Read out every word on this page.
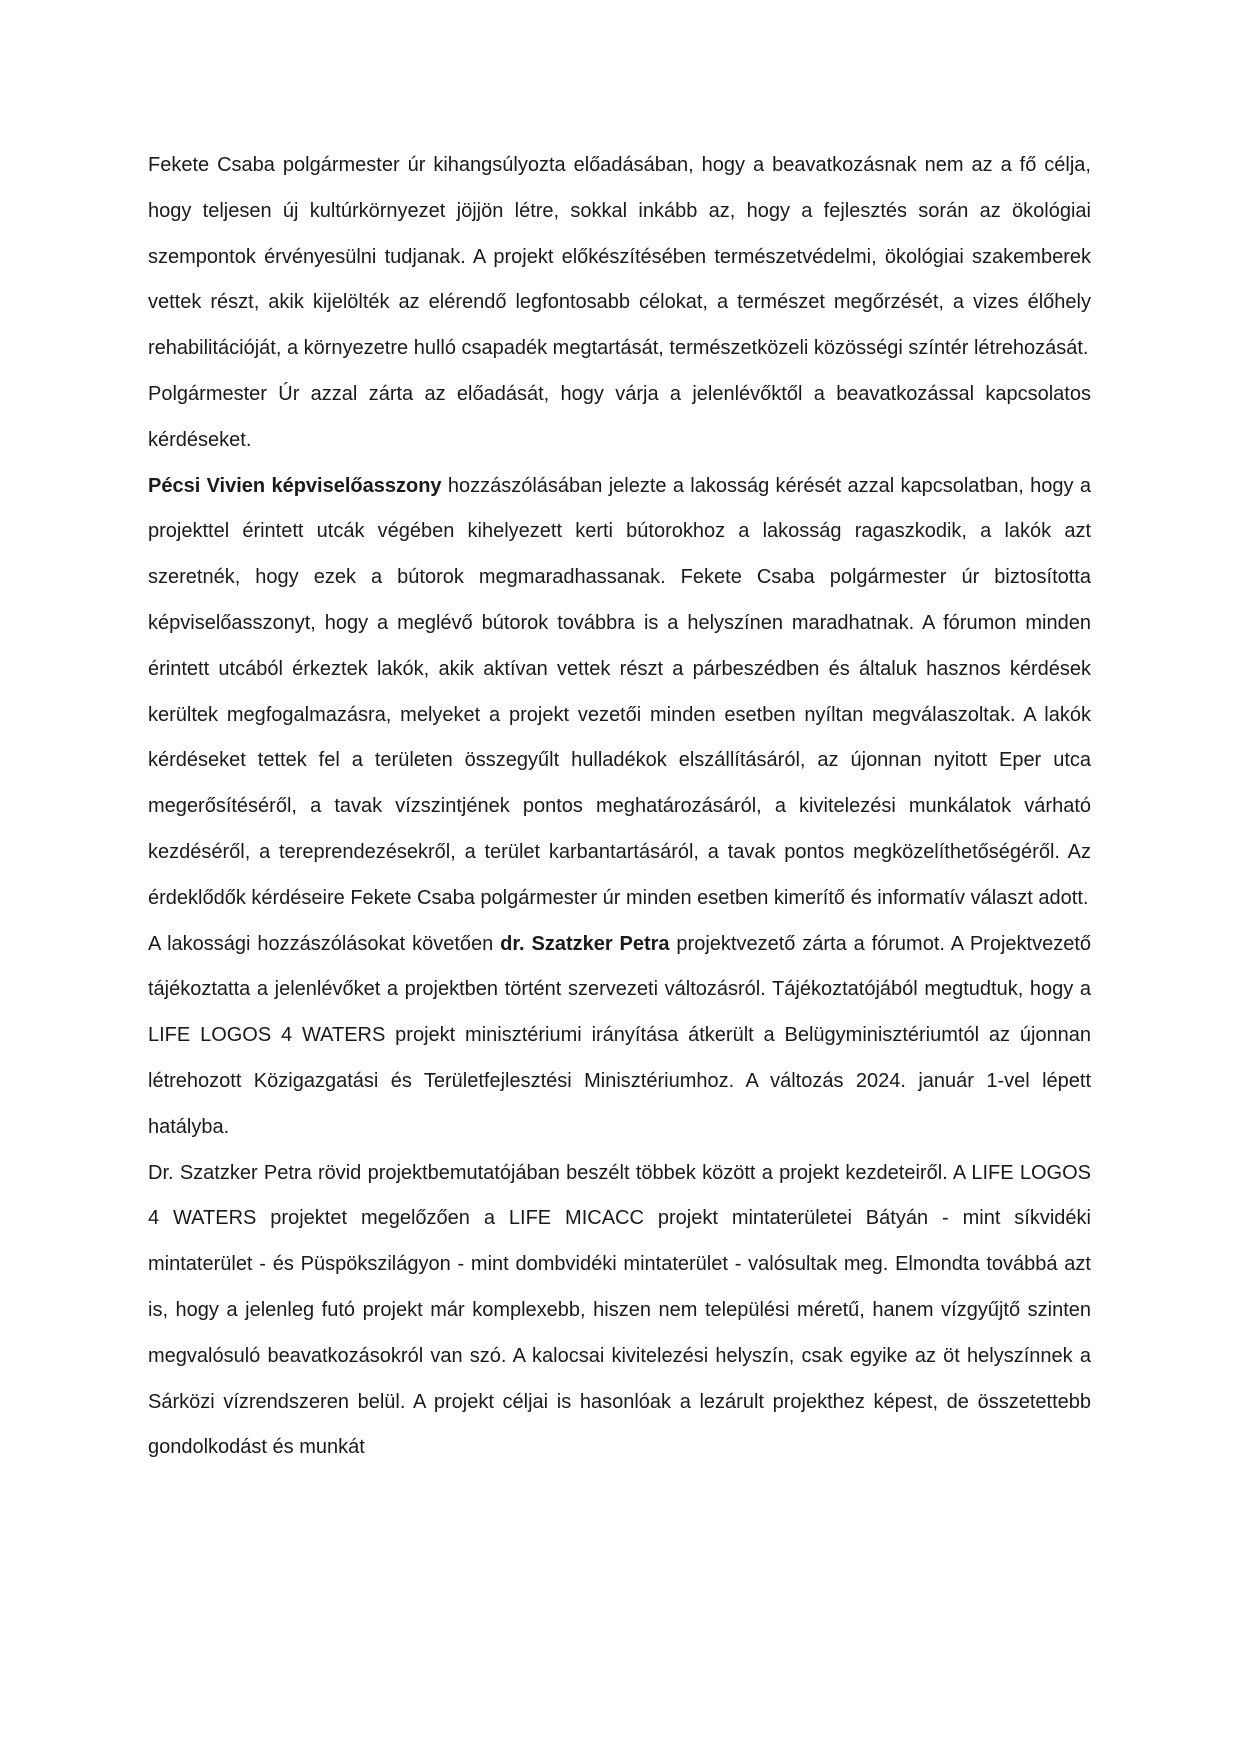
Fekete Csaba polgármester úr kihangsúlyozta előadásában, hogy a beavatkozásnak nem az a fő célja, hogy teljesen új kultúrkörnyezet jöjjön létre, sokkal inkább az, hogy a fejlesztés során az ökológiai szempontok érvényesülni tudjanak. A projekt előkészítésében természetvédelmi, ökológiai szakemberek vettek részt, akik kijelölték az elérendő legfontosabb célokat, a természet megőrzését, a vizes élőhely rehabilitációját, a környezetre hulló csapadék megtartását, természetközeli közösségi színtér létrehozását.

Polgármester Úr azzal zárta az előadását, hogy várja a jelenlévőktől a beavatkozással kapcsolatos kérdéseket.

Pécsi Vivien képviselőasszony hozzászólásában jelezte a lakosság kérését azzal kapcsolatban, hogy a projekttel érintett utcák végében kihelyezett kerti bútorokhoz a lakosság ragaszkodik, a lakók azt szeretnék, hogy ezek a bútorok megmaradhassanak. Fekete Csaba polgármester úr biztosította képviselőasszonyt, hogy a meglévő bútorok továbbra is a helyszínen maradhatnak. A fórumon minden érintett utcából érkeztek lakók, akik aktívan vettek részt a párbeszédben és általuk hasznos kérdések kerültek megfogalmazásra, melyeket a projekt vezetői minden esetben nyíltan megválaszoltak. A lakók kérdéseket tettek fel a területen összegyűlt hulladékok elszállításáról, az újonnan nyitott Eper utca megerősítéséről, a tavak vízszintjének pontos meghatározásáról, a kivitelezési munkálatok várható kezdéséről, a tereprendezésekről, a terület karbantartásáról, a tavak pontos megközelíthetőségéről. Az érdeklődők kérdéseire Fekete Csaba polgármester úr minden esetben kimerítő és informatív választ adott.

A lakossági hozzászólásokat követően dr. Szatzker Petra projektvezető zárta a fórumot. A Projektvezető tájékoztatta a jelenlévőket a projektben történt szervezeti változásról. Tájékoztatójából megtudtuk, hogy a LIFE LOGOS 4 WATERS projekt minisztériumi irányítása átkerült a Belügyminisztériumtól az újonnan létrehozott Közigazgatási és Területfejlesztési Minisztériumhoz. A változás 2024. január 1-vel lépett hatályba.

Dr. Szatzker Petra rövid projektbemutatójában beszélt többek között a projekt kezdeteiről. A LIFE LOGOS 4 WATERS projektet megelőzően a LIFE MICACC projekt mintaterületei Bátyán - mint síkvidéki mintaterület - és Püspökszilágyon - mint dombvidéki mintaterület - valósultak meg. Elmondta továbbá azt is, hogy a jelenleg futó projekt már komplexebb, hiszen nem települési méretű, hanem vízgyűjtő szinten megvalósuló beavatkozásokról van szó. A kalocsai kivitelezési helyszín, csak egyike az öt helyszínnek a Sárközi vízrendszeren belül. A projekt céljai is hasonlóak a lezárult projekthez képest, de összetettebb gondolkodást és munkát
